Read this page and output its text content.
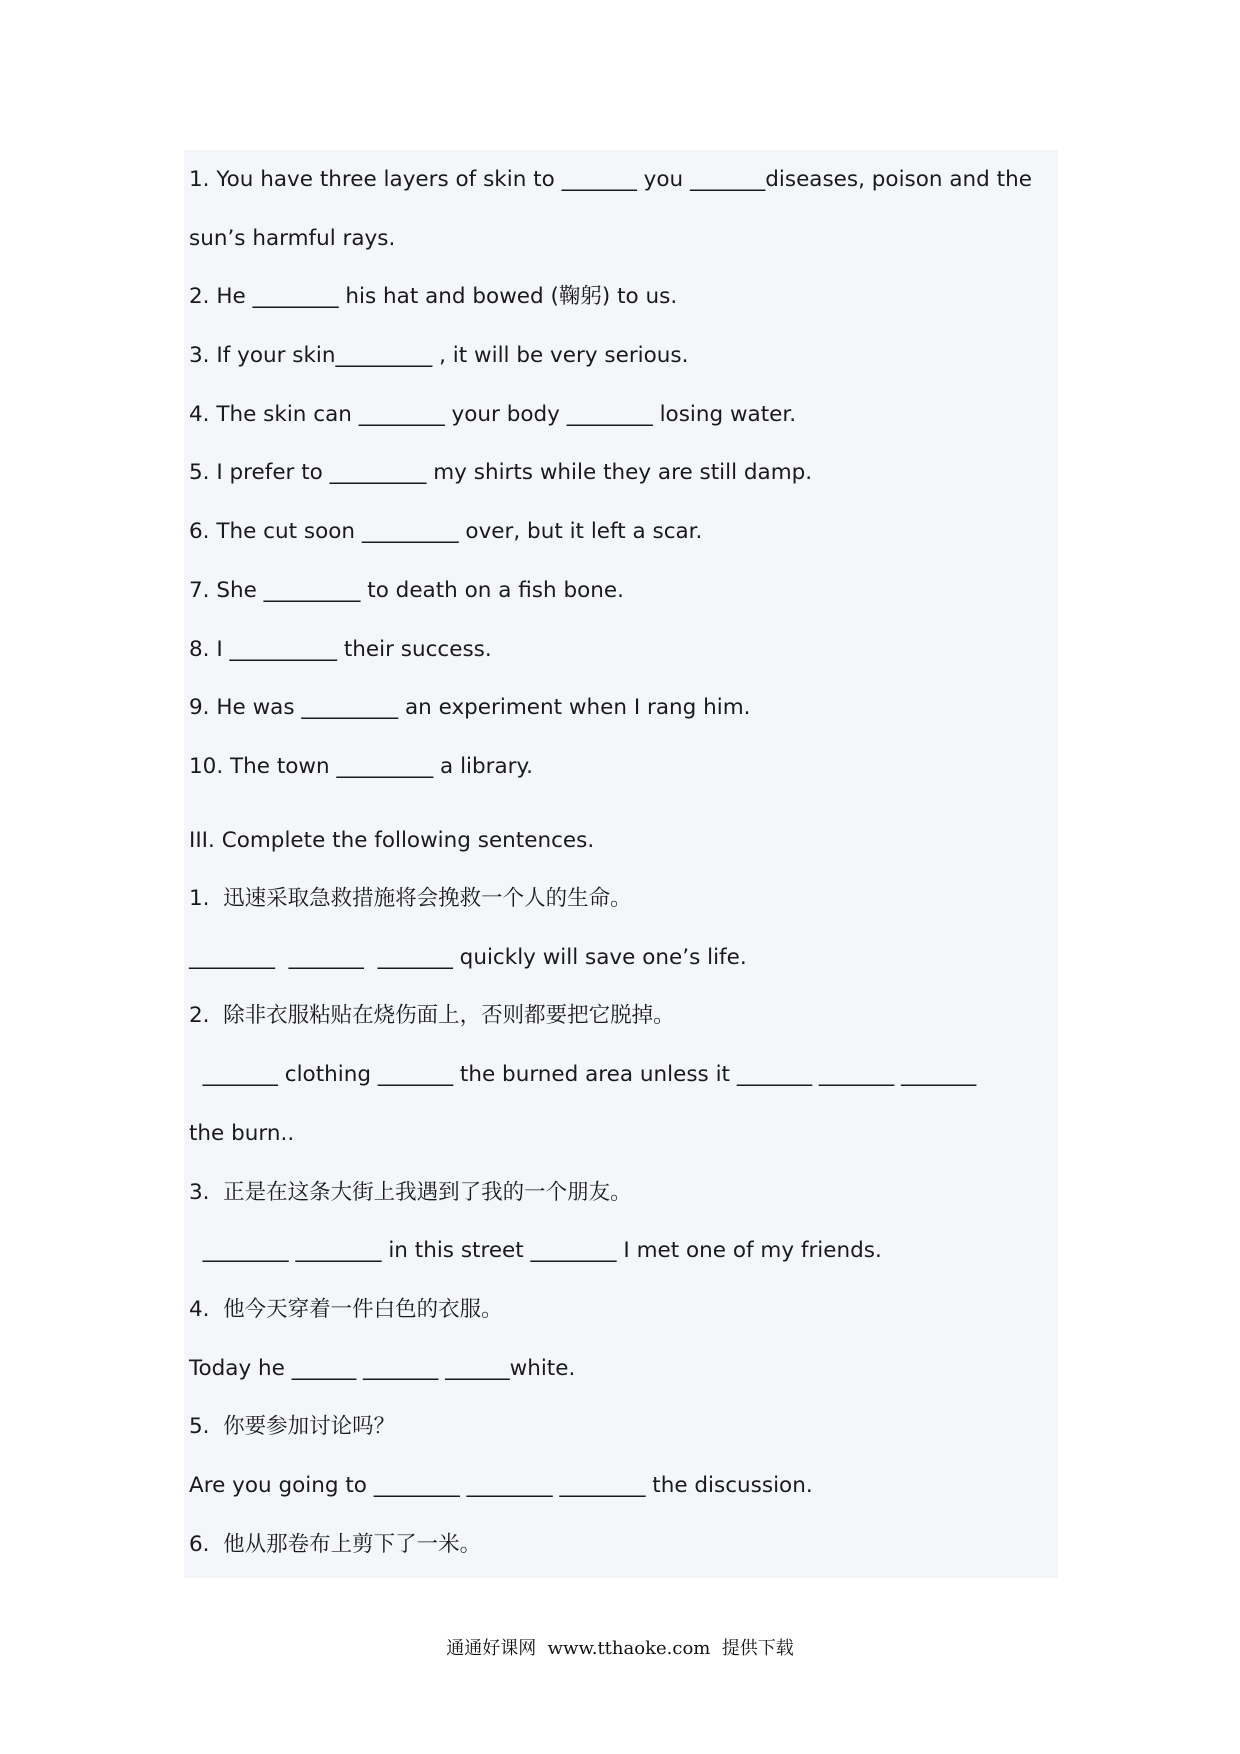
1. You have three layers of skin to _______ you _______diseases, poison and the
sun’s harmful rays.
2. He ________ his hat and bowed (鞠躬) to us.
3. If your skin_________ , it will be very serious.
4. The skin can ________ your body ________ losing water.
5. I prefer to _________ my shirts while they are still damp.
6. The cut soon _________ over, but it left a scar.
7. She _________ to death on a fish bone.
8. I __________ their success.
9. He was _________ an experiment when I rang him.
10. The town _________ a library.
III. Complete the following sentences.
1.  迅速采取急救措施将会挽救一个人的生命。
________  _______  _______ quickly will save one’s life.
2.  除非衣服粘贴在烧伤面上，否则都要把它脱掉。
_______ clothing _______ the burned area unless it _______ _______ _______
the burn..
3.  正是在这条大街上我遇到了我的一个朋友。
________ ________ in this street ________ I met one of my friends.
4.  他今天穿着一件白色的衣服。
Today he ______ _______ ______white.
5.  你要参加讨论吗？
Are you going to ________ ________ ________ the discussion.
6.  他从那卷布上剪下了一米。
通通好课网  www.tthaoke.com  提供下载
